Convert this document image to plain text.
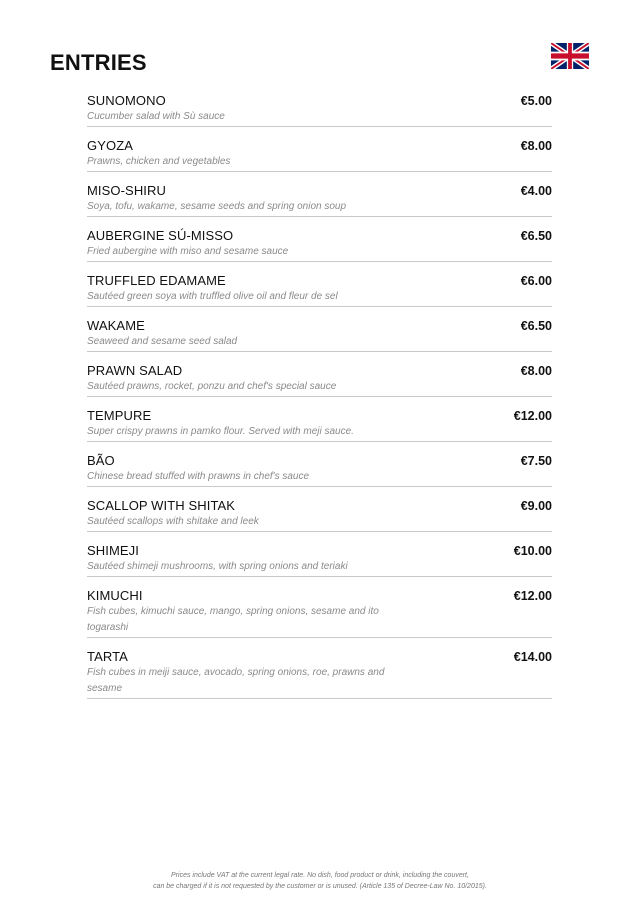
ENTRIES
SUNOMONO
Cucumber salad with Sù sauce
€5.00
GYOZA
Prawns, chicken and vegetables
€8.00
MISO-SHIRU
Soya, tofu, wakame, sesame seeds and spring onion soup
€4.00
AUBERGINE SÚ-MISSO
Fried aubergine with miso and sesame sauce
€6.50
TRUFFLED EDAMAME
Sautéed green soya with truffled olive oil and fleur de sel
€6.00
WAKAME
Seaweed and sesame seed salad
€6.50
PRAWN SALAD
Sautéed prawns, rocket, ponzu and chef's special sauce
€8.00
TEMPURE
Super crispy prawns in pamko flour. Served with meji sauce.
€12.00
BÃO
Chinese bread stuffed with prawns in chef's sauce
€7.50
SCALLOP WITH SHITAK
Sautéed scallops with shitake and leek
€9.00
SHIMEJI
Sautéed shimeji mushrooms, with spring onions and teriaki
€10.00
KIMUCHI
Fish cubes, kimuchi sauce, mango, spring onions, sesame and ito togarashi
€12.00
TARTA
Fish cubes in meiji sauce, avocado, spring onions, roe, prawns and sesame
€14.00
Prices include VAT at the current legal rate. No dish, food product or drink, including the couvert,
can be charged if it is not requested by the customer or is unused. (Article 135 of Decree-Law No. 10/2015).
